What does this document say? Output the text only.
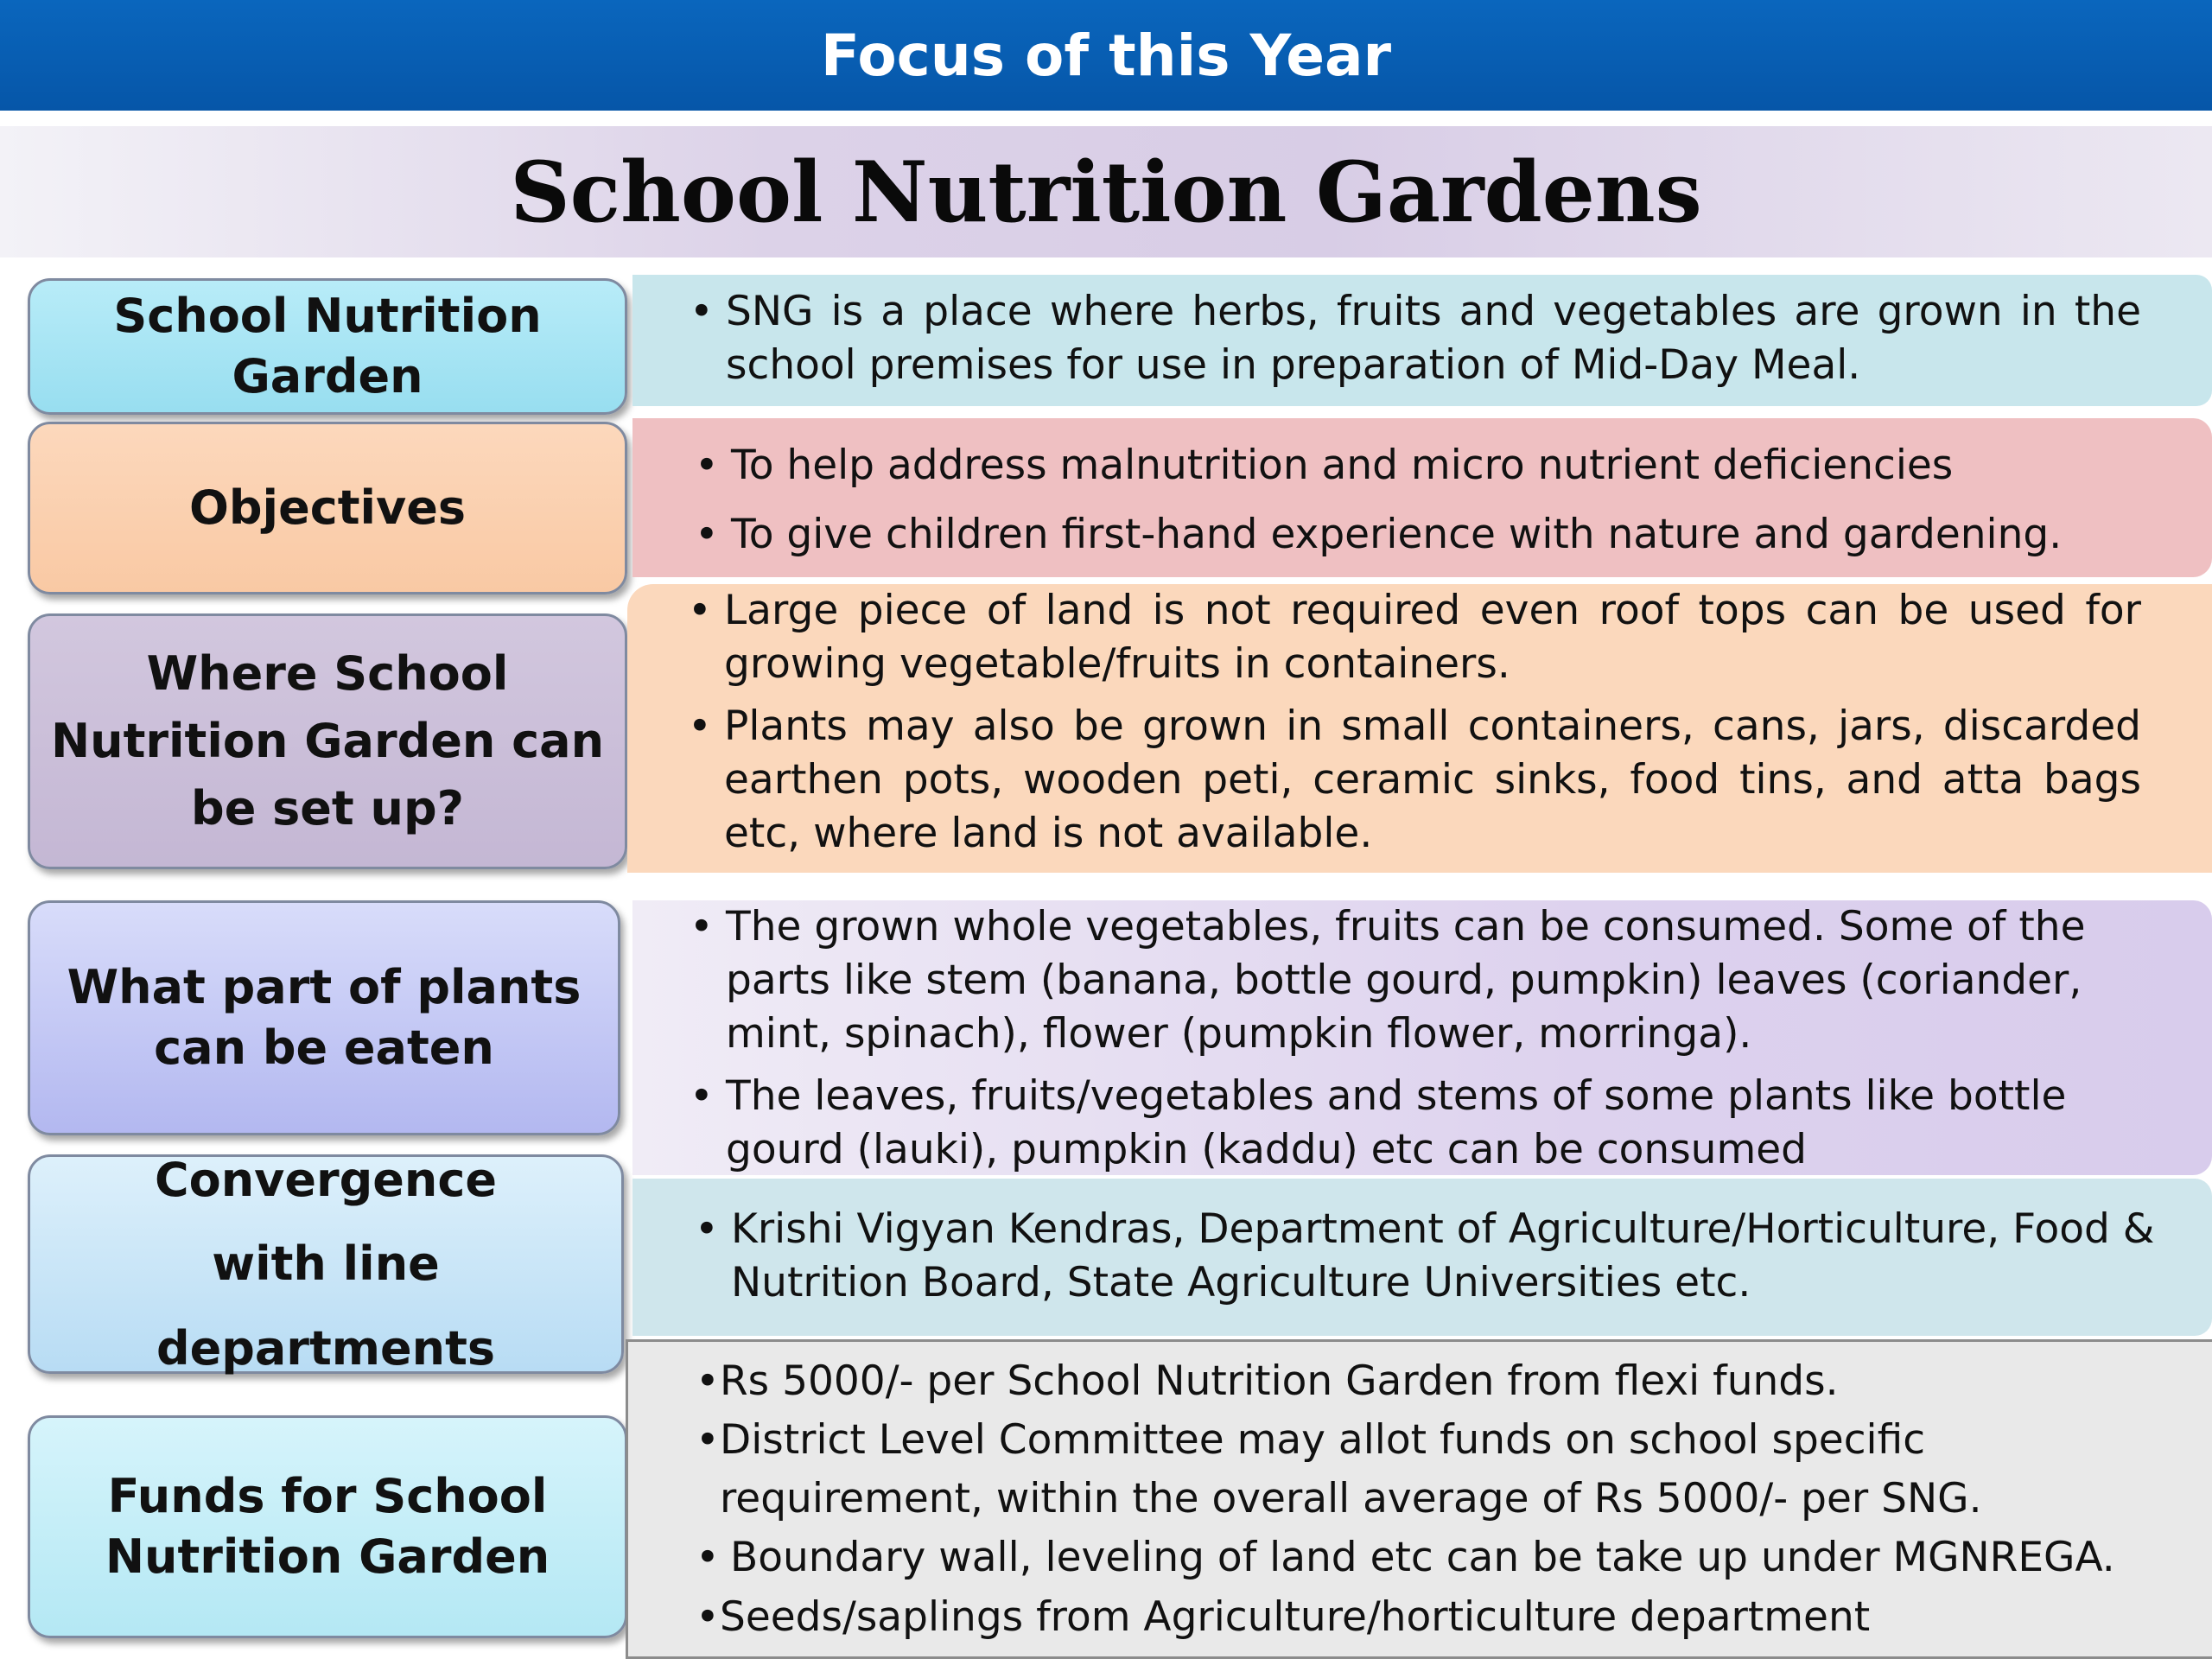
Focus of this Year
School Nutrition Gardens
School Nutrition
Garden

• SNG is a place where herbs, fruits and vegetables are grown in the school premises for use in preparation of Mid-Day Meal.

Objectives

• To help address malnutrition and micro nutrient deficiencies

• To give children first-hand experience with nature and gardening.

Where School
Nutrition Garden can
be set up?

• Large piece of land is not required even roof tops can be used for growing vegetable/fruits in containers.

• Plants may also be grown in small containers, cans, jars, discarded earthen pots, wooden peti, ceramic sinks, food tins, and atta bags etc, where land is not available.

What part of plants
can be eaten

• The grown whole vegetables, fruits can be consumed. Some of the parts like stem (banana, bottle gourd, pumpkin) leaves (coriander, mint, spinach), flower (pumpkin flower, morringa).

• The leaves, fruits/vegetables and stems of some plants like bottle gourd (lauki), pumpkin (kaddu) etc can be consumed

Convergence
with line departments

• Krishi Vigyan Kendras, Department of Agriculture/Horticulture, Food & Nutrition Board, State Agriculture Universities etc.

Funds for School
Nutrition Garden

• Rs 5000/- per School Nutrition Garden from flexi funds.

• District Level Committee may allot funds on school specific requirement, within the overall average of Rs 5000/- per SNG.

• Boundary wall, leveling of land etc can be take up under MGNREGA.

• Seeds/saplings from Agriculture/horticulture department
